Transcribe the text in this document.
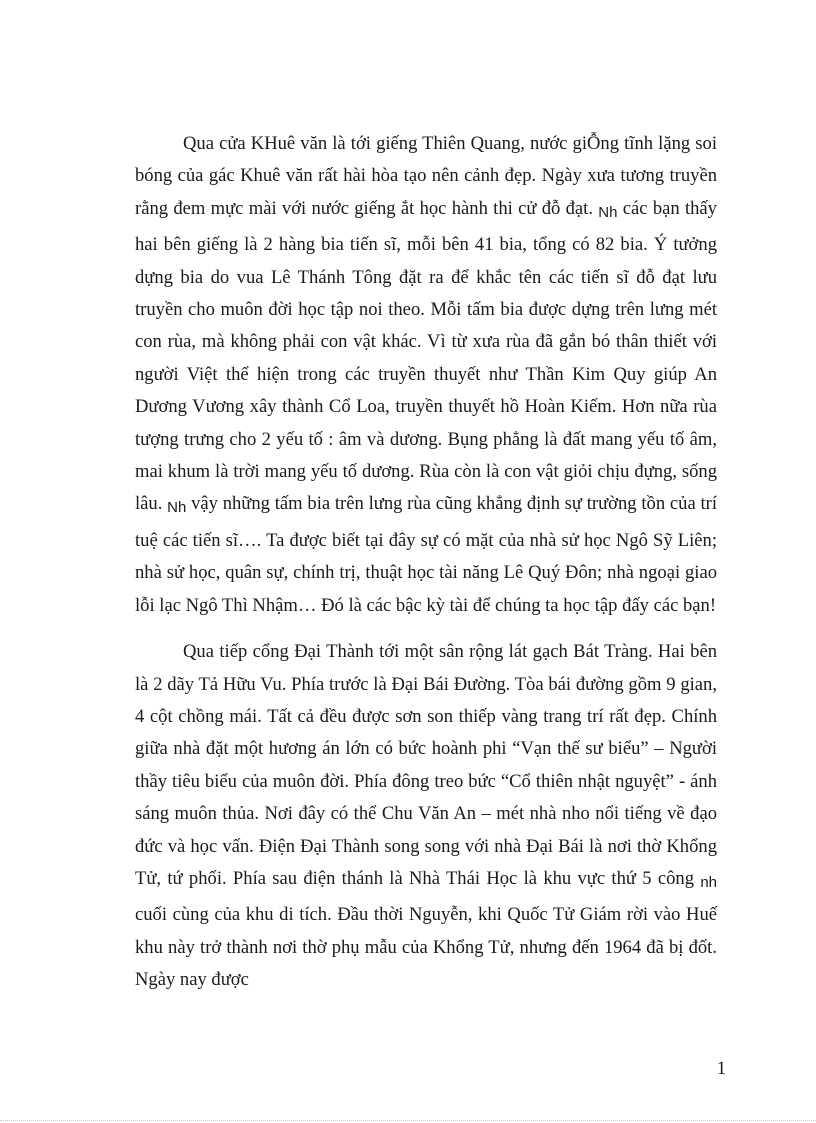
Qua cửa KHuê văn là tới giếng Thiên Quang, nước giỖng tĩnh lặng soi bóng của gác Khuê văn rất hài hòa tạo nên cảnh đẹp. Ngày xưa tương truyền rằng đem mực mài với nước giếng ắt học hành thi cử đỗ đạt. Nh các bạn thấy hai bên giếng là 2 hàng bia tiến sĩ, mỗi bên 41 bia, tổng có 82 bia. Ý tưởng dựng bia do vua Lê Thánh Tông đặt ra để khắc tên các tiến sĩ đỗ đạt lưu truyền cho muôn đời học tập noi theo. Mỗi tấm bia được dựng trên lưng mét con rùa, mà không phải con vật khác. Vì từ xưa rùa đã gắn bó thân thiết với người Việt thể hiện trong các truyền thuyết như Thần Kim Quy giúp An Dương Vương xây thành Cổ Loa, truyền thuyết hồ Hoàn Kiếm. Hơn nữa rùa tượng trưng cho 2 yếu tố : âm và dương. Bụng phẳng là đất mang yếu tố âm, mai khum là trời mang yếu tố dương. Rùa còn là con vật giỏi chịu đựng, sống lâu. Nh vậy những tấm bia trên lưng rùa cũng khẳng định sự trường tồn của trí tuệ các tiến sĩ…. Ta được biết tại đây sự có mặt của nhà sử học Ngô Sỹ Liên; nhà sử học, quân sự, chính trị, thuật học tài năng Lê Quý Đôn; nhà ngoại giao lỗi lạc Ngô Thì Nhậm… Đó là các bậc kỳ tài để chúng ta học tập đấy các bạn!

Qua tiếp cổng Đại Thành tới một sân rộng lát gạch Bát Tràng. Hai bên là 2 dãy Tả Hữu Vu. Phía trước là Đại Bái Đường. Tòa bái đường gồm 9 gian, 4 cột chồng mái. Tất cả đều được sơn son thiếp vàng trang trí rất đẹp. Chính giữa nhà đặt một hương án lớn có bức hoành phi “Vạn thế sư biểu” – Người thầy tiêu biểu của muôn đời. Phía đông treo bức “Cổ thiên nhật nguyệt” - ánh sáng muôn thủa. Nơi đây có thể Chu Văn An – mét nhà nho nổi tiếng về đạo đức và học vấn. Điện Đại Thành song song với nhà Đại Bái là nơi thờ Khổng Tử, tứ phối. Phía sau điện thánh là Nhà Thái Học là khu vực thứ 5 công nh cuối cùng của khu di tích. Đầu thời Nguyễn, khi Quốc Tử Giám rời vào Huế khu này trở thành nơi thờ phụ mẫu của Khổng Tử, nhưng đến 1964 đã bị đốt. Ngày nay được

1
